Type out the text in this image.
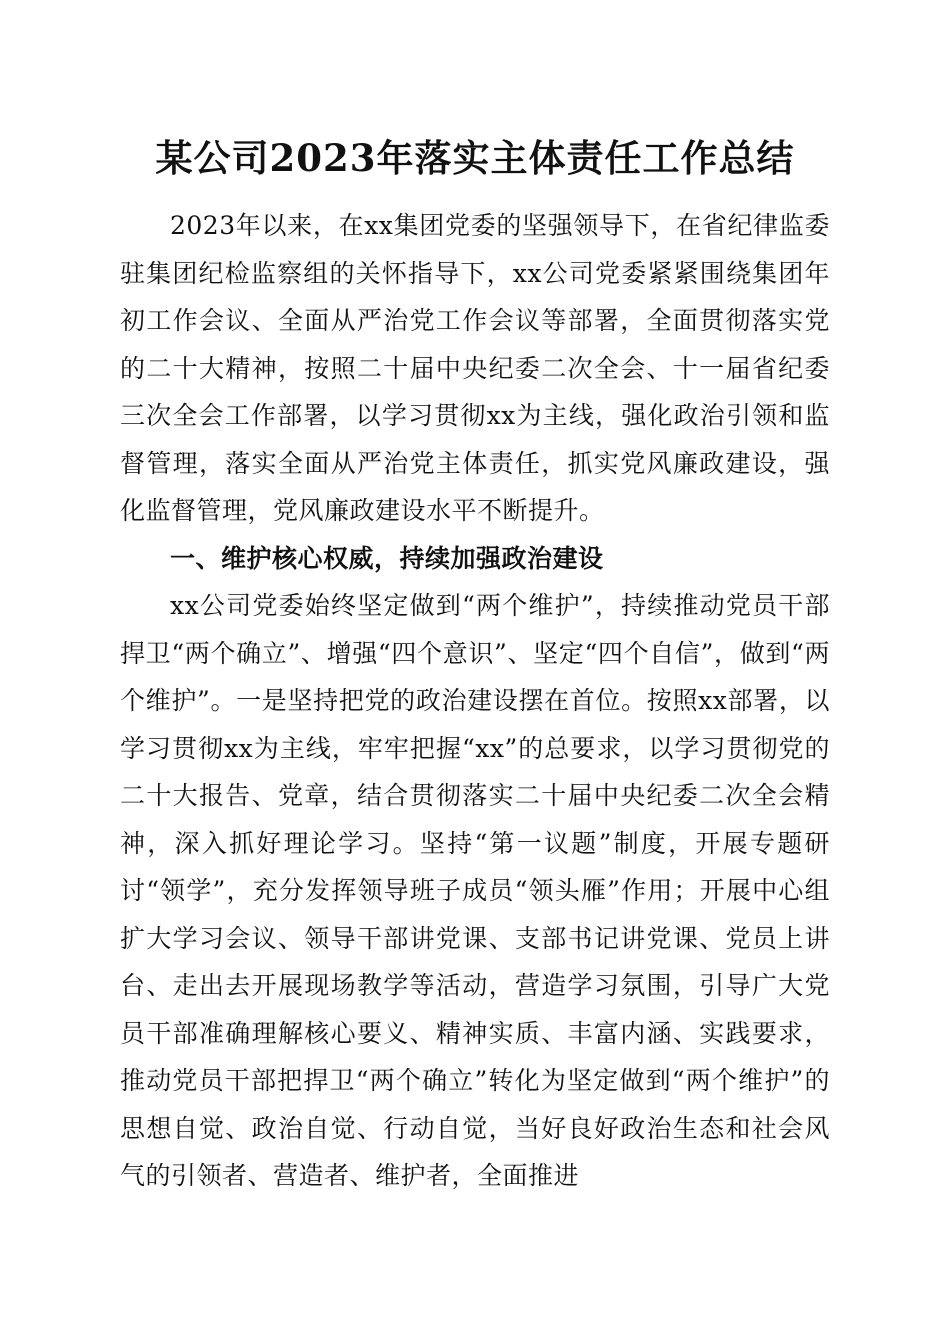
某公司2023年落实主体责任工作总结

2023年以来，在xx集团党委的坚强领导下，在省纪律监委驻集团纪检监察组的关怀指导下，xx公司党委紧紧围绕集团年初工作会议、全面从严治党工作会议等部署，全面贯彻落实党的二十大精神，按照二十届中央纪委二次全会、十一届省纪委三次全会工作部署，以学习贯彻xx为主线，强化政治引领和监督管理，落实全面从严治党主体责任，抓实党风廉政建设，强化监督管理，党风廉政建设水平不断提升。

一、维护核心权威，持续加强政治建设

xx公司党委始终坚定做到“两个维护”，持续推动党员干部捍卫“两个确立”、增强“四个意识”、坚定“四个自信”，做到“两个维护”。一是坚持把党的政治建设摆在首位。按照xx部署，以学习贯彻xx为主线，牢牢把握“xx”的总要求，以学习贯彻党的二十大报告、党章，结合贯彻落实二十届中央纪委二次全会精神，深入抓好理论学习。坚持“第一议题”制度，开展专题研讨“领学”，充分发挥领导班子成员“领头雁”作用；开展中心组扩大学习会议、领导干部讲党课、支部书记讲党课、党员上讲台、走出去开展现场教学等活动，营造学习氛围，引导广大党员干部准确理解核心要义、精神实质、丰富内涵、实践要求，推动党员干部把捍卫“两个确立”转化为坚定做到“两个维护”的思想自觉、政治自觉、行动自觉，当好良好政治生态和社会风气的引领者、营造者、维护者，全面推进
